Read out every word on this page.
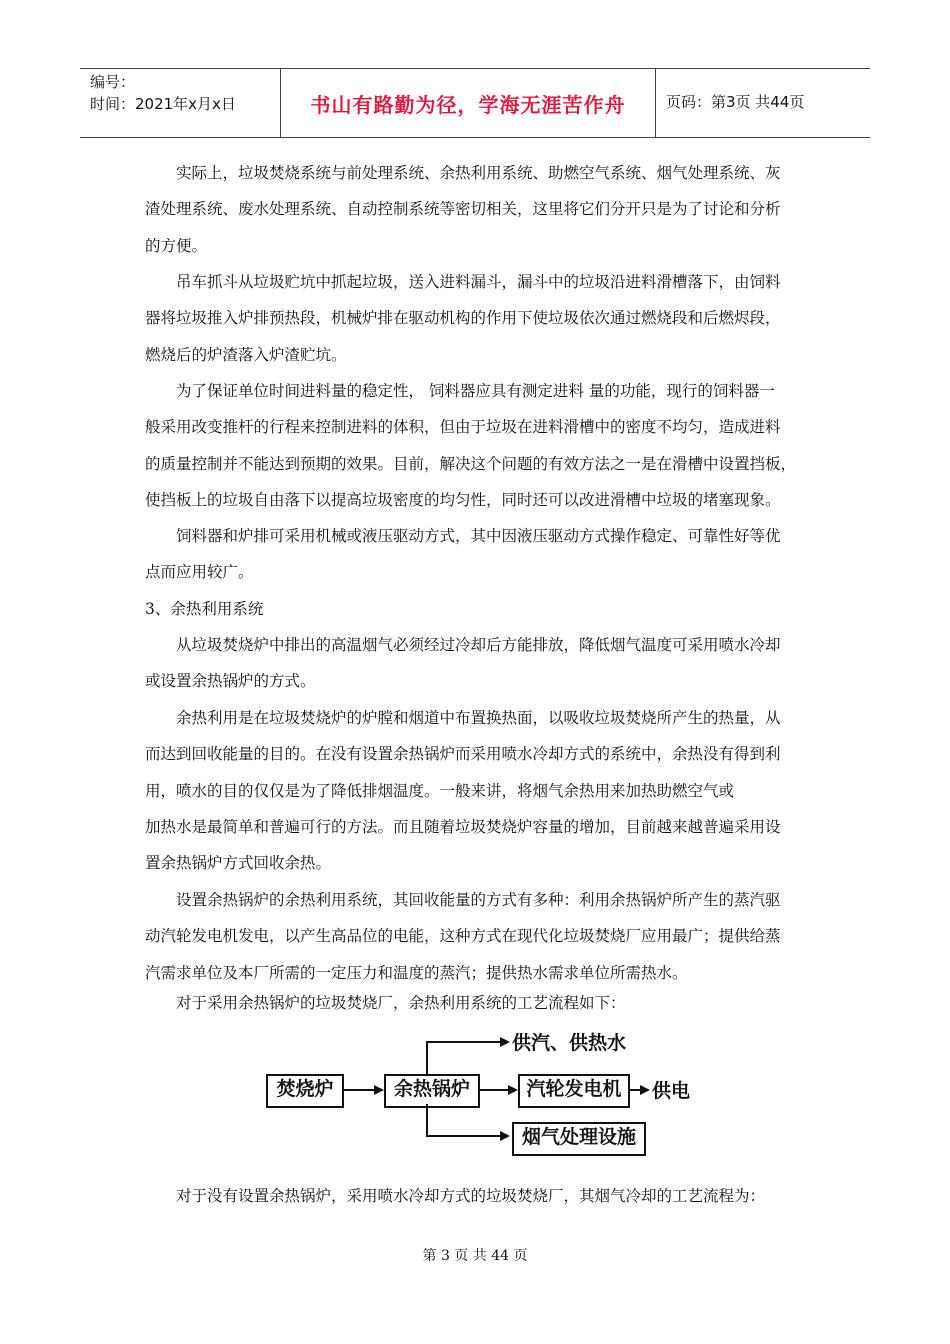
编号：
时间：2021年x月x日	书山有路勤为径，学海无涯苦作舟	页码：第3页 共44页
实际上，垃圾焚烧系统与前处理系统、余热利用系统、助燃空气系统、烟气处理系统、灰
渣处理系统、废水处理系统、自动控制系统等密切相关，这里将它们分开只是为了讨论和分析
的方便。
吊车抓斗从垃圾贮坑中抓起垃圾，送入进料漏斗，漏斗中的垃圾沿进料滑槽落下，由饲料
器将垃圾推入炉排预热段，机械炉排在驱动机构的作用下使垃圾依次通过燃烧段和后燃烬段，
燃烧后的炉渣落入炉渣贮坑。
为了保证单位时间进料量的稳定性， 饲料器应具有测定进料 量的功能，现行的饲料器一
般采用改变推杆的行程来控制进料的体积，但由于垃圾在进料滑槽中的密度不均匀，造成进料
的质量控制并不能达到预期的效果。目前，解决这个问题的有效方法之一是在滑槽中设置挡板，
使挡板上的垃圾自由落下以提高垃圾密度的均匀性，同时还可以改进滑槽中垃圾的堵塞现象。
饲料器和炉排可采用机械或液压驱动方式，其中因液压驱动方式操作稳定、可靠性好等优
点而应用较广。
3、余热利用系统
从垃圾焚烧炉中排出的高温烟气必须经过冷却后方能排放，降低烟气温度可采用喷水冷却
或设置余热锅炉的方式。
余热利用是在垃圾焚烧炉的炉膛和烟道中布置换热面，以吸收垃圾焚烧所产生的热量，从
而达到回收能量的目的。在没有设置余热锅炉而采用喷水冷却方式的系统中，余热没有得到利
用，喷水的目的仅仅是为了降低排烟温度。一般来讲，将烟气余热用来加热助燃空气或
加热水是最简单和普遍可行的方法。而且随着垃圾焚烧炉容量的增加，目前越来越普遍采用设
置余热锅炉方式回收余热。
设置余热锅炉的余热利用系统，其回收能量的方式有多种：利用余热锅炉所产生的蒸汽驱
动汽轮发电机发电，以产生高品位的电能，这种方式在现代化垃圾焚烧厂应用最广；提供给蒸
汽需求单位及本厂所需的一定压力和温度的蒸汽；提供热水需求单位所需热水。
对于采用余热锅炉的垃圾焚烧厂，余热利用系统的工艺流程如下：
焚烧炉	余热锅炉
供汽、供热水
汽轮发电机	供电
烟气处理设施
对于没有设置余热锅炉，采用喷水冷却方式的垃圾焚烧厂，其烟气冷却的工艺流程为：
第 3 页 共 44 页
